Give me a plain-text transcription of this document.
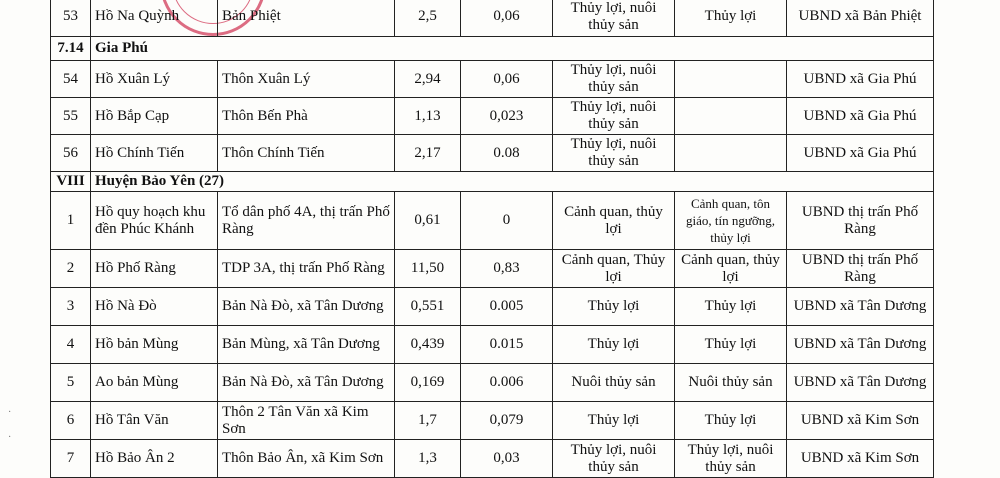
·
·
53	Hồ Na Quỳnh	Bản Phiệt	2,5	0,06	Thủy lợi, nuôi thủy sản	Thủy lợi	UBND xã Bản Phiệt
7.14	Gia Phú						
54	Hồ Xuân Lý	Thôn Xuân Lý	2,94	0,06	Thủy lợi, nuôi thủy sản		UBND xã Gia Phú
55	Hồ Bắp Cạp	Thôn Bến Phà	1,13	0,023	Thủy lợi, nuôi thủy sản		UBND xã Gia Phú
56	Hồ Chính Tiến	Thôn Chính Tiến	2,17	0.08	Thủy lợi, nuôi thủy sản		UBND xã Gia Phú
VIII	Huyện Bảo Yên (27)						
1	Hồ quy hoạch khu đền Phúc Khánh	Tổ dân phố 4A, thị trấn Phố Ràng	0,61	0	Cảnh quan, thủy lợi	Cảnh quan, tôn giáo, tín ngưỡng, thủy lợi	UBND thị trấn Phố Ràng
2	Hồ Phố Ràng	TDP 3A, thị trấn Phố Ràng	11,50	0,83	Cảnh quan, Thủy lợi	Cảnh quan, thủy lợi	UBND thị trấn Phố Ràng
3	Hồ Nà Đò	Bản Nà Đò, xã Tân Dương	0,551	0.005	Thủy lợi	Thủy lợi	UBND xã Tân Dương
4	Hồ bản Mùng	Bản Mùng, xã Tân Dương	0,439	0.015	Thủy lợi	Thủy lợi	UBND xã Tân Dương
5	Ao bản Mùng	Bản Nà Đò, xã Tân Dương	0,169	0.006	Nuôi thủy sản	Nuôi thủy sản	UBND xã Tân Dương
6	Hồ Tân Văn	Thôn 2 Tân Văn xã Kim Sơn	1,7	0,079	Thủy lợi	Thủy lợi	UBND xã Kim Sơn
7	Hồ Bảo Ân 2	Thôn Bảo Ân, xã Kim Sơn	1,3	0,03	Thủy lợi, nuôi thủy sản	Thủy lợi, nuôi thủy sản	UBND xã Kim Sơn
